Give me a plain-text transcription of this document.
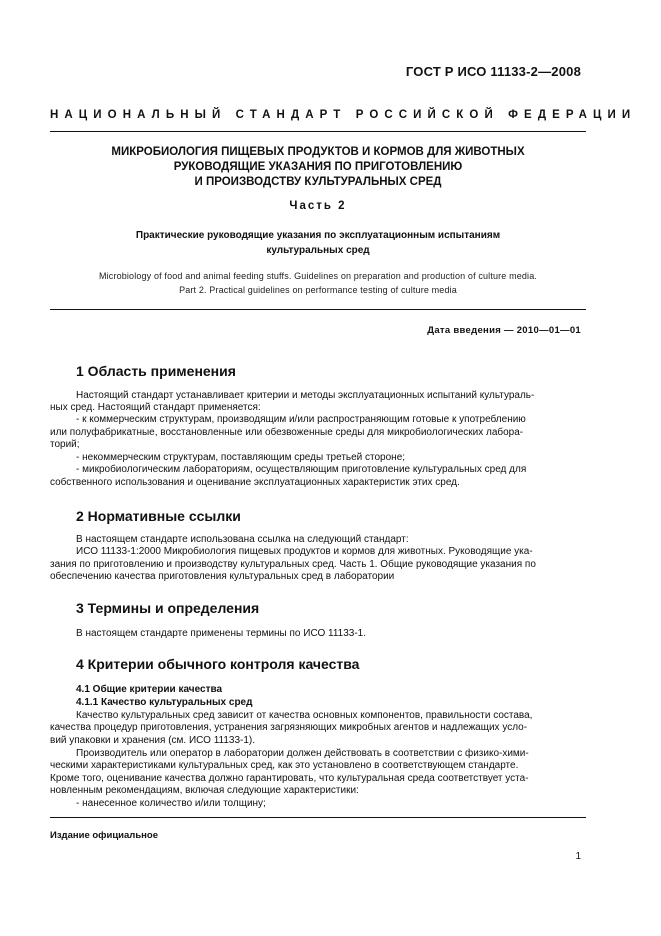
ГОСТ Р ИСО 11133-2—2008
НАЦИОНАЛЬНЫЙ СТАНДАРТ РОССИЙСКОЙ ФЕДЕРАЦИИ
МИКРОБИОЛОГИЯ ПИЩЕВЫХ ПРОДУКТОВ И КОРМОВ ДЛЯ ЖИВОТНЫХ
РУКОВОДЯЩИЕ УКАЗАНИЯ ПО ПРИГОТОВЛЕНИЮ
И ПРОИЗВОДСТВУ КУЛЬТУРАЛЬНЫХ СРЕД
Часть 2
Практические руководящие указания по эксплуатационным испытаниям
культуральных сред
Microbiology of food and animal feeding stuffs. Guidelines on preparation and production of culture media.
Part 2. Practical guidelines on performance testing of culture media
Дата введения — 2010—01—01
1 Область применения
Настоящий стандарт устанавливает критерии и методы эксплуатационных испытаний культураль-
ных сред. Настоящий стандарт применяется:
- к коммерческим структурам, производящим и/или распространяющим готовые к употреблению
или полуфабрикатные, восстановленные или обезвоженные среды для микробиологических лабора-
торий;
- некоммерческим структурам, поставляющим среды третьей стороне;
- микробиологическим лабораториям, осуществляющим приготовление культуральных сред для
собственного использования и оценивание эксплуатационных характеристик этих сред.
2 Нормативные ссылки
В настоящем стандарте использована ссылка на следующий стандарт:
ИСО 11133-1:2000 Микробиология пищевых продуктов и кормов для животных. Руководящие ука-
зания по приготовлению и производству культуральных сред. Часть 1. Общие руководящие указания по
обеспечению качества приготовления культуральных сред в лаборатории
3 Термины и определения
В настоящем стандарте применены термины по ИСО 11133-1.
4 Критерии обычного контроля качества
4.1 Общие критерии качества
4.1.1 Качество культуральных сред
Качество культуральных сред зависит от качества основных компонентов, правильности состава,
качества процедур приготовления, устранения загрязняющих микробных агентов и надлежащих усло-
вий упаковки и хранения (см. ИСО 11133-1).
Производитель или оператор в лаборатории должен действовать в соответствии с физико-хими-
ческими характеристиками культуральных сред, как это установлено в соответствующем стандарте.
Кроме того, оценивание качества должно гарантировать, что культуральная среда соответствует уста-
новленным рекомендациям, включая следующие характеристики:
- нанесенное количество и/или толщину;
Издание официальное
1
